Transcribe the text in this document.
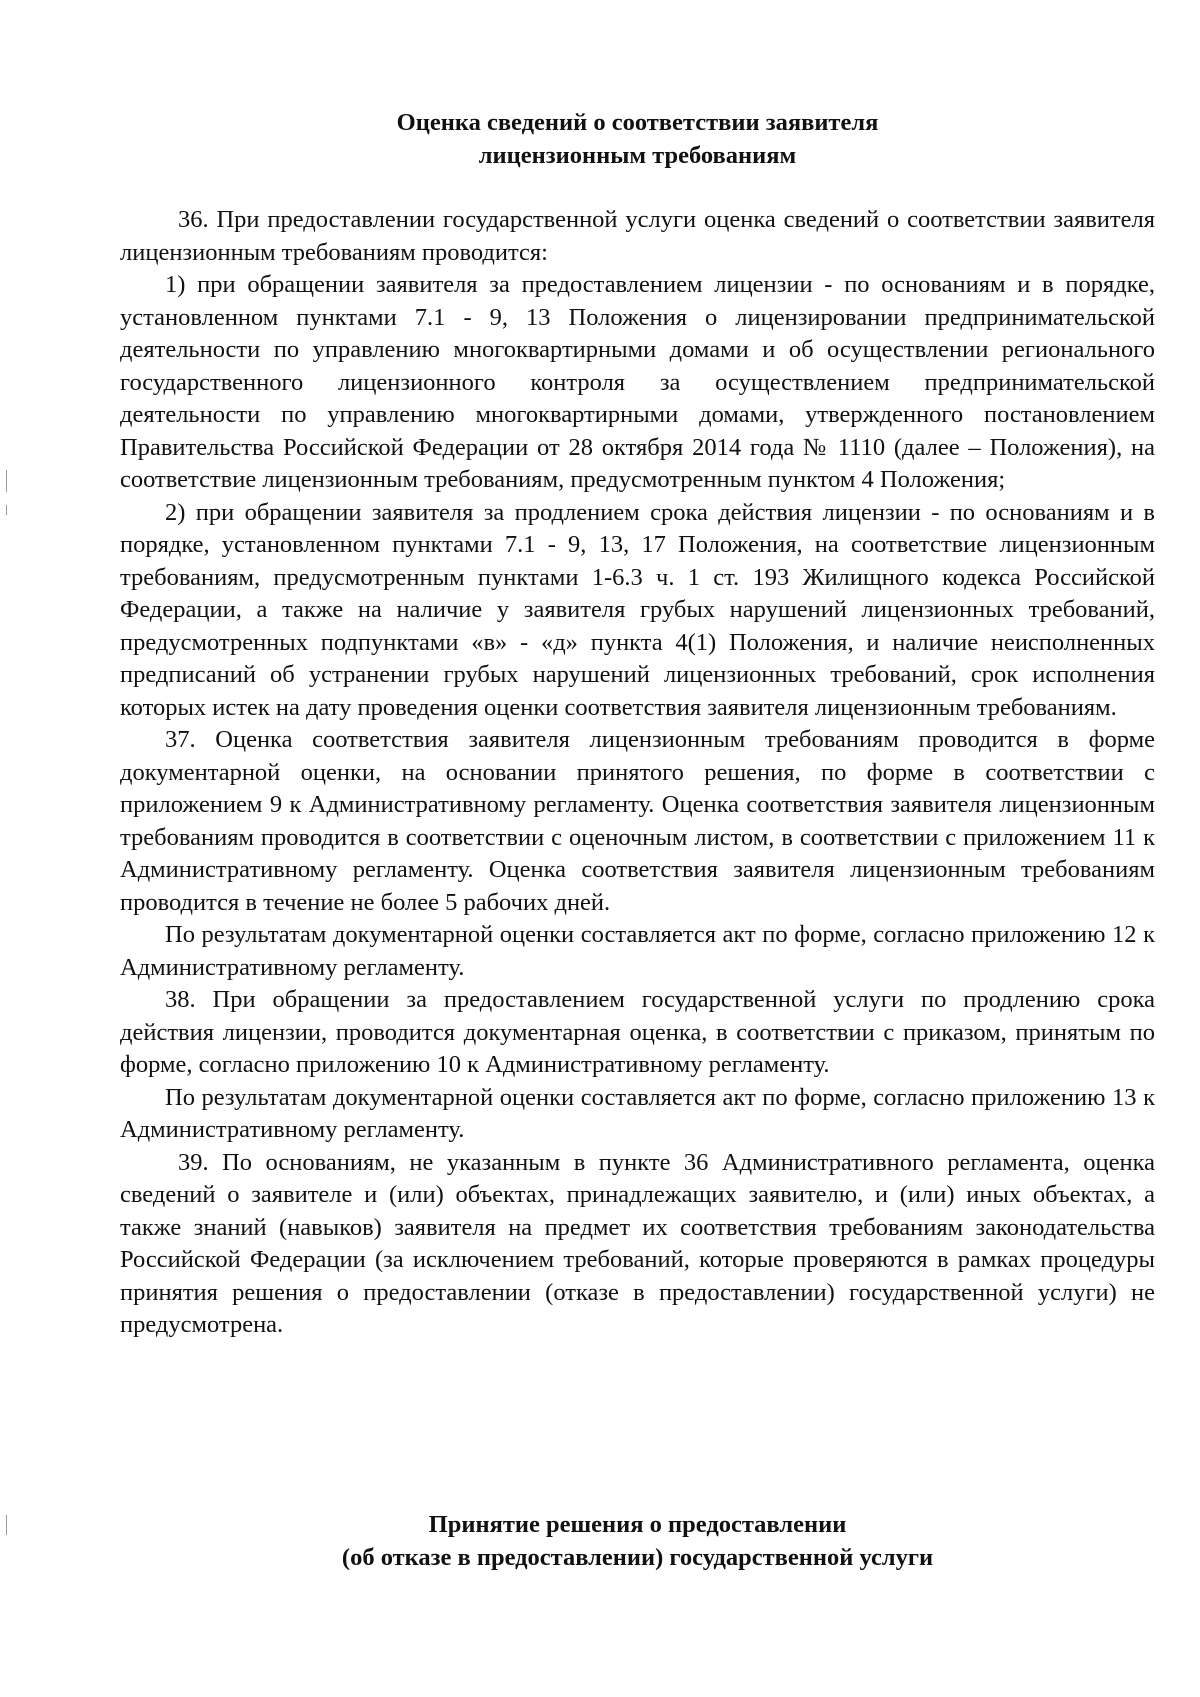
Оценка сведений о соответствии заявителя
лицензионным требованиям

36. При предоставлении государственной услуги оценка сведений о соответствии заявителя лицензионным требованиям проводится:

1) при обращении заявителя за предоставлением лицензии - по основаниям и в порядке, установленном пунктами 7.1 - 9, 13 Положения о лицензировании предпринимательской деятельности по управлению многоквартирными домами и об осуществлении регионального государственного лицензионного контроля за осуществлением предпринимательской деятельности по управлению многоквартирными домами, утвержденного постановлением Правительства Российской Федерации от 28 октября 2014 года № 1110 (далее – Положения), на соответствие лицензионным требованиям, предусмотренным пунктом 4 Положения;

2) при обращении заявителя за продлением срока действия лицензии - по основаниям и в порядке, установленном пунктами 7.1 - 9, 13, 17 Положения, на соответствие лицензионным требованиям, предусмотренным пунктами 1-6.3 ч. 1 ст. 193 Жилищного кодекса Российской Федерации, а также на наличие у заявителя грубых нарушений лицензионных требований, предусмотренных подпунктами «в» - «д» пункта 4(1) Положения, и наличие неисполненных предписаний об устранении грубых нарушений лицензионных требований, срок исполнения которых истек на дату проведения оценки соответствия заявителя лицензионным требованиям.

37. Оценка соответствия заявителя лицензионным требованиям проводится в форме документарной оценки, на основании принятого решения, по форме в соответствии с приложением 9 к Административному регламенту. Оценка соответствия заявителя лицензионным требованиям проводится в соответствии с оценочным листом, в соответствии с приложением 11 к Административному регламенту. Оценка соответствия заявителя лицензионным требованиям проводится в течение не более 5 рабочих дней.

По результатам документарной оценки составляется акт по форме, согласно приложению 12 к Административному регламенту.

38. При обращении за предоставлением государственной услуги по продлению срока действия лицензии, проводится документарная оценка, в соответствии с приказом, принятым по форме, согласно приложению 10 к Административному регламенту.

По результатам документарной оценки составляется акт по форме, согласно приложению 13 к Административному регламенту.

39. По основаниям, не указанным в пункте 36 Административного регламента, оценка сведений о заявителе и (или) объектах, принадлежащих заявителю, и (или) иных объектах, а также знаний (навыков) заявителя на предмет их соответствия требованиям законодательства Российской Федерации (за исключением требований, которые проверяются в рамках процедуры принятия решения о предоставлении (отказе в предоставлении) государственной услуги) не предусмотрена.

Принятие решения о предоставлении
(об отказе в предоставлении) государственной услуги
